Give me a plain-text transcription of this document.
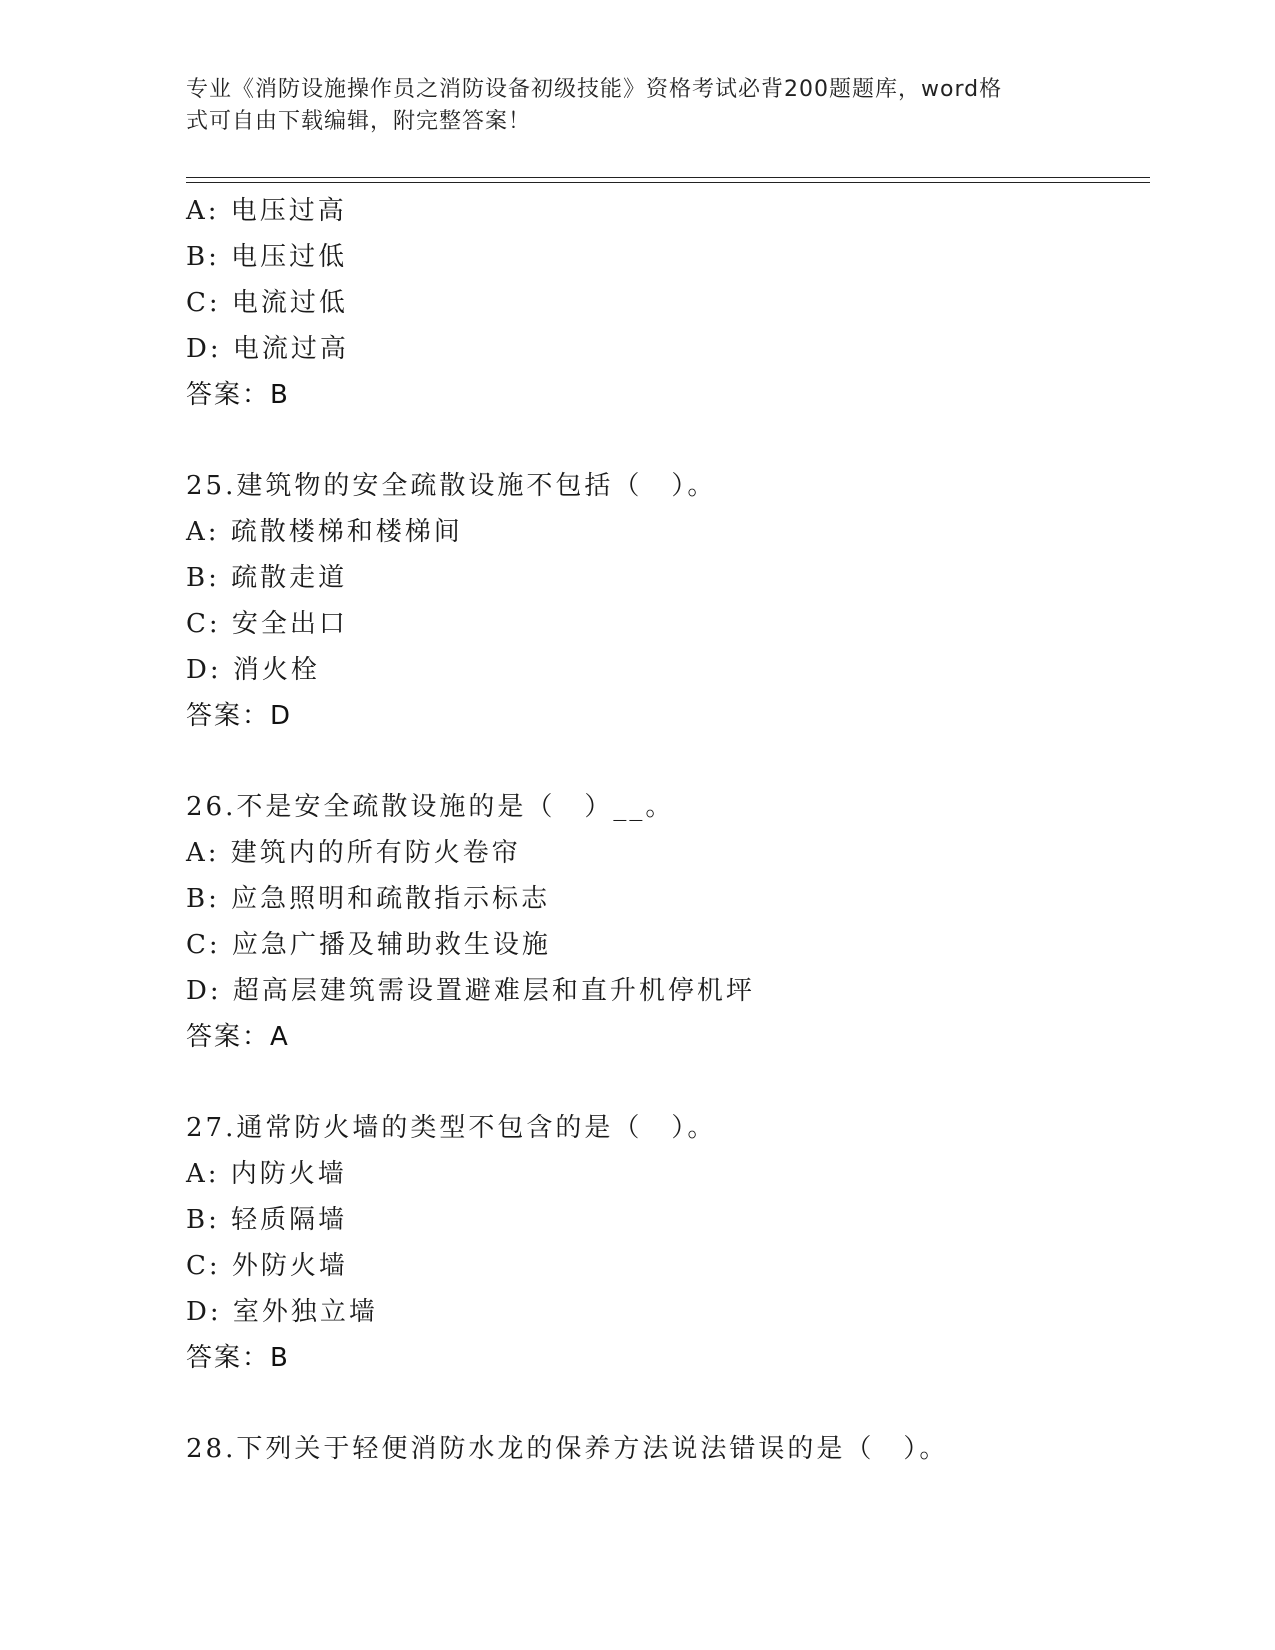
专业《消防设施操作员之消防设备初级技能》资格考试必背200题题库，word格
式可自由下载编辑，附完整答案！
A: 电压过高
B: 电压过低
C: 电流过低
D: 电流过高
答案：B
25.建筑物的安全疏散设施不包括（　）。
A: 疏散楼梯和楼梯间
B: 疏散走道
C: 安全出口
D: 消火栓
答案：D
26.不是安全疏散设施的是（　）__。
A: 建筑内的所有防火卷帘
B: 应急照明和疏散指示标志
C: 应急广播及辅助救生设施
D: 超高层建筑需设置避难层和直升机停机坪
答案：A
27.通常防火墙的类型不包含的是（　）。
A: 内防火墙
B: 轻质隔墙
C: 外防火墙
D: 室外独立墙
答案：B
28.下列关于轻便消防水龙的保养方法说法错误的是（　）。
